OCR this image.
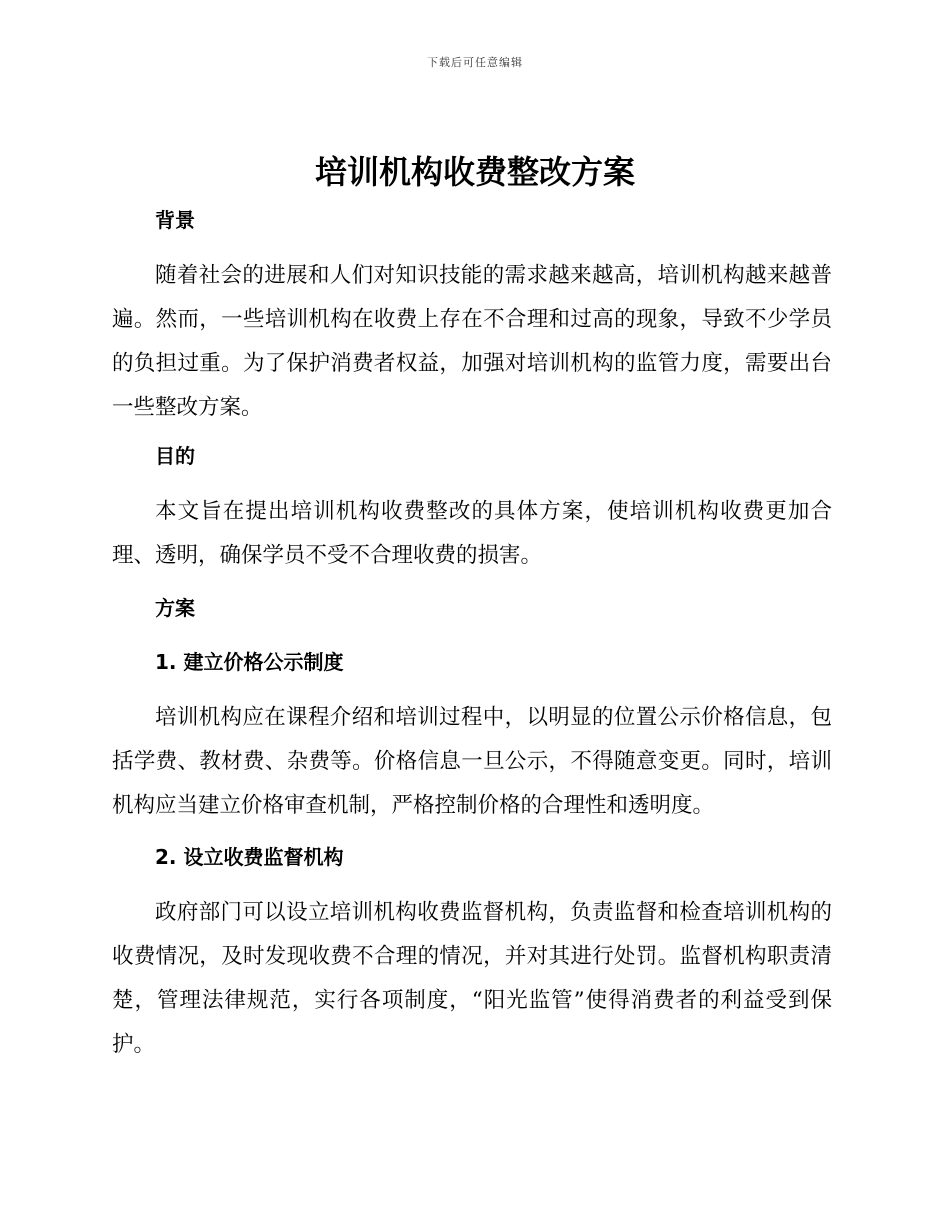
下载后可任意编辑
培训机构收费整改方案
背景

随着社会的进展和人们对知识技能的需求越来越高，培训机构越来越普遍。然而，一些培训机构在收费上存在不合理和过高的现象，导致不少学员的负担过重。为了保护消费者权益，加强对培训机构的监管力度，需要出台一些整改方案。

目的

本文旨在提出培训机构收费整改的具体方案，使培训机构收费更加合理、透明，确保学员不受不合理收费的损害。

方案
1. 建立价格公示制度

培训机构应在课程介绍和培训过程中，以明显的位置公示价格信息，包括学费、教材费、杂费等。价格信息一旦公示，不得随意变更。同时，培训机构应当建立价格审查机制，严格控制价格的合理性和透明度。

2. 设立收费监督机构

政府部门可以设立培训机构收费监督机构，负责监督和检查培训机构的收费情况，及时发现收费不合理的情况，并对其进行处罚。监督机构职责清楚，管理法律规范，实行各项制度，“阳光监管”使得消费者的利益受到保护。
